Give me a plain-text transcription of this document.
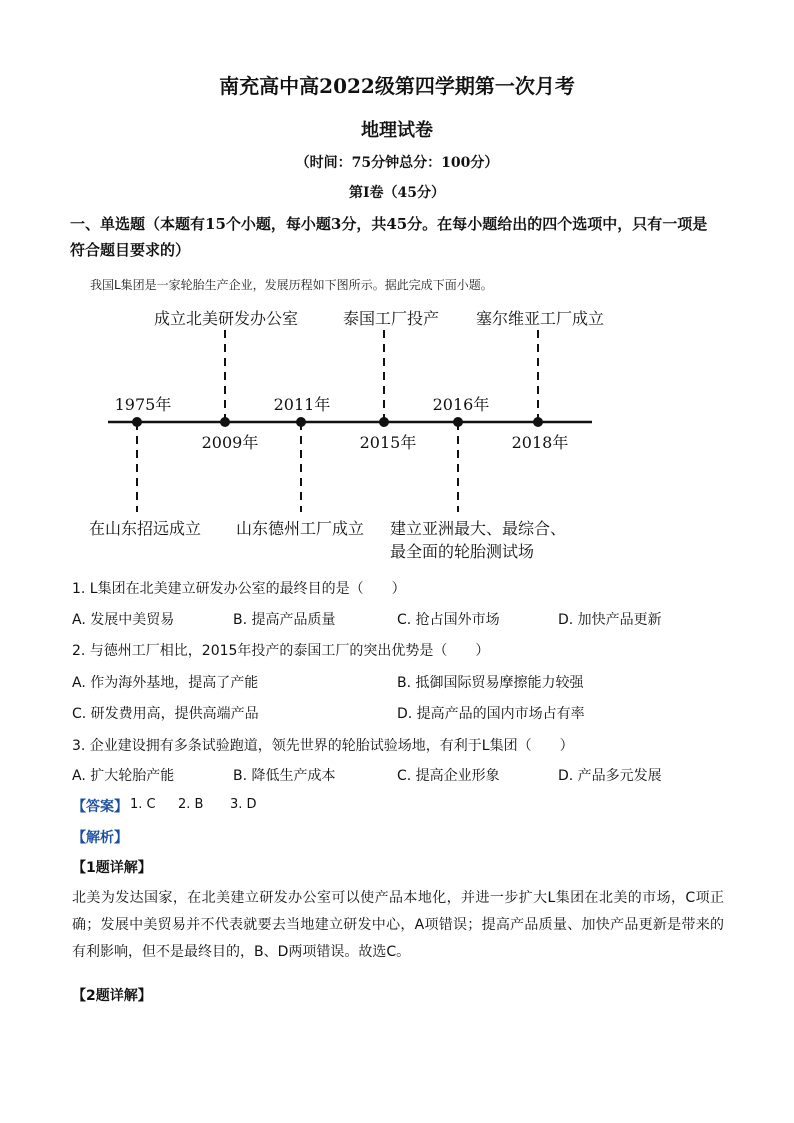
南充高中高2022级第四学期第一次月考
地理试卷
（时间：75分钟总分：100分）
第Ⅰ卷（45分）
一、单选题（本题有15个小题，每小题3分，共45分。在每小题给出的四个选项中，只有一项是符合题目要求的）
我国L集团是一家轮胎生产企业，发展历程如下图所示。据此完成下面小题。
1975年	2011年	2016年
2009年	2015年	2018年
成立北美研发办公室	泰国工厂投产 塞尔维亚工厂成立
在山东招远成立 山东德州工厂成立 建立亚洲最大、最综合、
最全面的轮胎测试场
1. L集团在北美建立研发办公室的最终目的是（　　）
A. 发展中美贸易	B. 提高产品质量	C. 抢占国外市场	D. 加快产品更新
2. 与德州工厂相比，2015年投产的泰国工厂的突出优势是（　　）
A. 作为海外基地，提高了产能	B. 抵御国际贸易摩擦能力较强
C. 研发费用高，提供高端产品	D. 提高产品的国内市场占有率
3. 企业建设拥有多条试验跑道，领先世界的轮胎试验场地，有利于L集团（　　）
A. 扩大轮胎产能	B. 降低生产成本	C. 提高企业形象	D. 产品多元发展
【答案】 1. C 2. B 3. D
【解析】
【1题详解】
北美为发达国家，在北美建立研发办公室可以使产品本地化，并进一步扩大L集团在北美的市场，C项正确；发展中美贸易并不代表就要去当地建立研发中心，A项错误；提高产品质量、加快产品更新是带来的有利影响，但不是最终目的，B、D两项错误。故选C。
【2题详解】
